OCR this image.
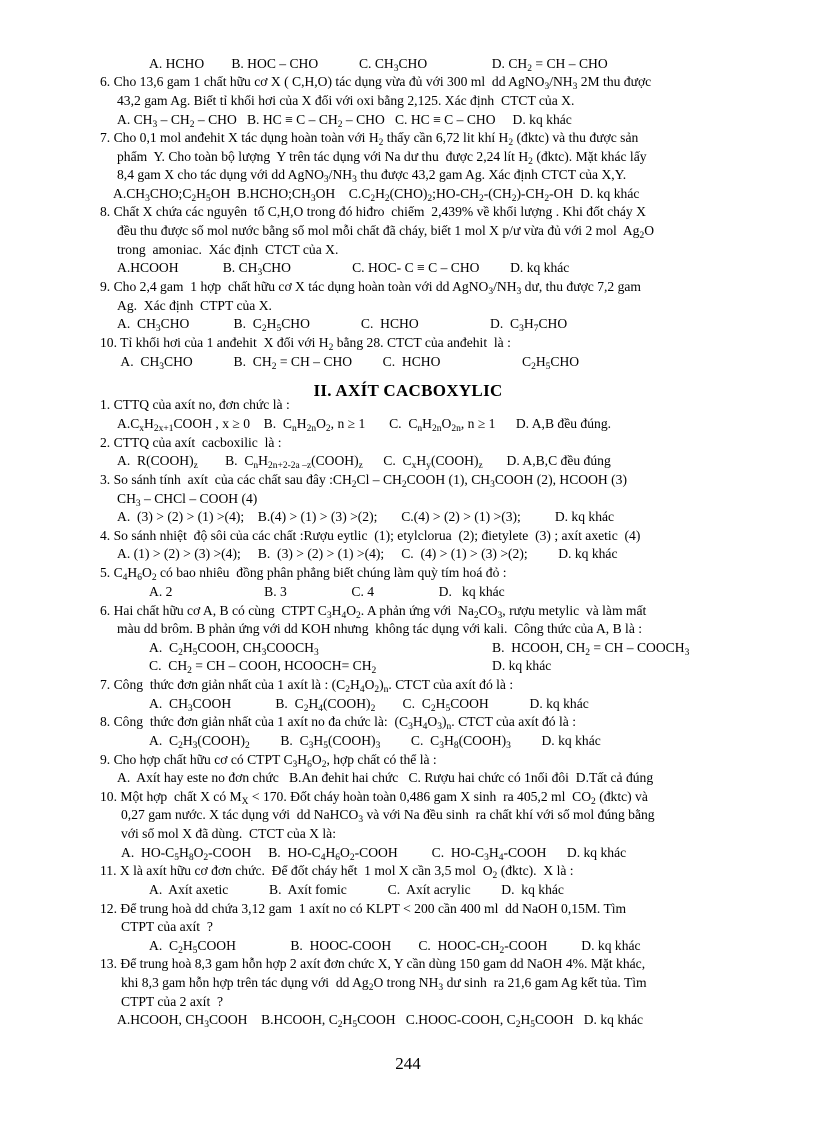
A. HCHO        B. HOC – CHO            C. $CH_3CHO$                   D. $CH_2$ = CH – CHO
6. Cho 13,6 gam 1 chất hữu cơ X ( C,H,O) tác dụng vừa đủ với 300 ml  dd $AgNO_3/NH_3$ 2M thu được
43,2 gam Ag. Biết tỉ khối hơi của X đối với oxi bằng 2,125. Xác định  CTCT của X.
A. $CH_3 - CH_2$ – CHO   B. HC ≡ C – $CH_2$ – CHO   C. HC ≡ C – CHO     D. kq khác
7. Cho 0,1 mol anđehit X tác dụng hoàn toàn với $H_2$ thấy cần 6,72 lit khí $H_2$ (đktc) và thu được sản
phẩm  Y. Cho toàn bộ lượng  Y trên tác dụng với Na dư thu  được 2,24 lít $H_2$ (đktc). Mặt khác lấy
8,4 gam X cho tác dụng với dd $AgNO_3/NH_3$ thu được 43,2 gam Ag. Xác định CTCT của X,Y.
$A.CH_3CHO;C_2H_5OH$  $B.HCHO;CH_3OH$    $C.C_2H_2(CHO)_2;HO-CH_2-(CH_2)-CH_2-OH$  D. kq khác
8. Chất X chứa các nguyên  tố C,H,O trong đó hiđro  chiếm  2,439% về khối lượng . Khi đốt cháy X
đều thu được số mol nước bằng số mol mỗi chất đã cháy, biết 1 mol X p/ư vừa đủ với 2 mol  $Ag_2O$
trong  amoniac.  Xác định  CTCT của X.
A.HCOOH             B. $CH_3CHO$                  C. HOC- C ≡ C – CHO         D. kq khác
9. Cho 2,4 gam  1 hợp  chất hữu cơ X tác dụng hoàn toàn với dd $AgNO_3/NH_3$ dư, thu được 7,2 gam
Ag.  Xác định  CTPT của X.
A.  $CH_3CHO$             B.  $C_2H_5CHO$               C.  HCHO                     D.  $C_3H_7CHO$
10. Tỉ khối hơi của 1 anđehit  X đối với $H_2$ bằng 28. CTCT của anđehit  là :
A.  $CH_3CHO$            B.  $CH_2$ = CH – CHO         C.  HCHO                        $C_2H_5CHO$
1. CTTQ của axít no, đơn chức là :
$A.C_xH_{2x+1}COOH$ , x ≥ 0    B.  $C_nH_{2n}O_2$, n ≥ 1       C.  $C_nH_{2n}O_{2n}$, n ≥ 1      D. A,B đều đúng.
2. CTTQ của axít  cacboxilic  là :
A.  $R(COOH)_z$        B.  $C_nH_{2n+2-2a -z}(COOH)_z$      C.  $C_xH_y(COOH)_z$       D. A,B,C đều đúng
3. So sánh tính  axít  của các chất sau đây $:CH_2Cl$ – $CH_2COOH$ (1), $CH_3COOH$ (2), HCOOH (3)
$CH_3$ – CHCl – COOH (4)
A.  (3) > (2) > (1) >(4);    B.(4) > (1) > (3) >(2);       C.(4) > (2) > (1) >(3);          D. kq khác
4. So sánh nhiệt  độ sôi của các chất :Rượu eytlic  (1); etylclorua  (2); đietylete  (3) ; axít axetic  (4)
A. (1) > (2) > (3) >(4);     B.  (3) > (2) > (1) >(4);     C.  (4) > (1) > (3) >(2);         D. kq khác
5. $C_4H_6O_2$ có bao nhiêu  đồng phân phẳng biết chúng làm quỳ tím hoá đỏ :
A. 2                           B. 3                   C. 4                   D.   kq khác
6. Hai chất hữu cơ A, B có cùng  CTPT $C_3H_4O_2$. A phản ứng với  $Na_2CO_3$, rượu metylic  và làm mất
màu dd brôm. B phản ứng với dd KOH nhưng  không tác dụng với kali.  Công thức của A, B là :
A.  $C_2H_5COOH$, $CH_3COOCH_3$	B.  HCOOH, $CH_2$ = CH – $COOCH_3$
C.  $CH_2$ = CH – COOH, HCOOCH= $CH_2$	D. kq khác
7. Công  thức đơn giản nhất của 1 axít là : $(C_2H_4O_2)_n$. CTCT của axít đó là :
A.  $CH_3COOH$             B.  $C_2H_4(COOH)_2$        C.  $C_2H_5COOH$            D. kq khác
8. Công  thức đơn giản nhất của 1 axít no đa chức là:  $(C_3H_4O_3)_n$. CTCT của axít đó là :
A.  $C_2H_3(COOH)_2$         B.  $C_3H_5(COOH)_3$         C.  $C_3H_8(COOH)_3$         D. kq khác
9. Cho hợp chất hữu cơ có CTPT $C_3H_6O_2$, hợp chất có thể là :
A.  Axít hay este no đơn chức   B.An đehit hai chức   C. Rượu hai chức có 1nối đôi  D.Tất cả đúng
10. Một hợp  chất X có $M_X < 170$. Đốt cháy hoàn toàn 0,486 gam X sinh  ra 405,2 ml  $CO_2$ (đktc) và
0,27 gam nước. X tác dụng với  dd NaHCO$_3$ và với Na đều sinh  ra chất khí với số mol đúng bằng
với số mol X đã dùng.  CTCT của X là:
A.  $HO-C_5H_8O_2$-COOH     B.  $HO-C_4H_6O_2$-COOH          C.  $HO-C_3H_4$-COOH      D. kq khác
11. X là axít hữu cơ đơn chức.  Để đốt cháy hết  1 mol X cần 3,5 mol  $O_2$ (đktc).  X là :
A.  Axít axetic            B.  Axít fomic            C.  Axít acrylic         D.  kq khác
12. Để trung hoà dd chứa 3,12 gam  1 axít no có KLPT < 200 cần 400 ml  dd NaOH 0,15M. Tìm
CTPT của axít  ?
A.  $C_2H_5COOH$                B.  HOOC-COOH        C.  HOOC-$CH_2$-COOH          D. kq khác
13. Để trung hoà 8,3 gam hỗn hợp 2 axít đơn chức X, Y cần dùng 150 gam dd NaOH 4%. Mặt khác,
khi 8,3 gam hỗn hợp trên tác dụng với  dd $Ag_2O$ trong $NH_3$ dư sinh  ra 21,6 gam Ag kết tủa. Tìm
CTPT của 2 axít  ?
A.HCOOH, $CH_3COOH$    B.HCOOH, $C_2H_5COOH$   C.HOOC-COOH, $C_2H_5COOH$   D. kq khác
II. AXÍT CACBOXYLIC
244
